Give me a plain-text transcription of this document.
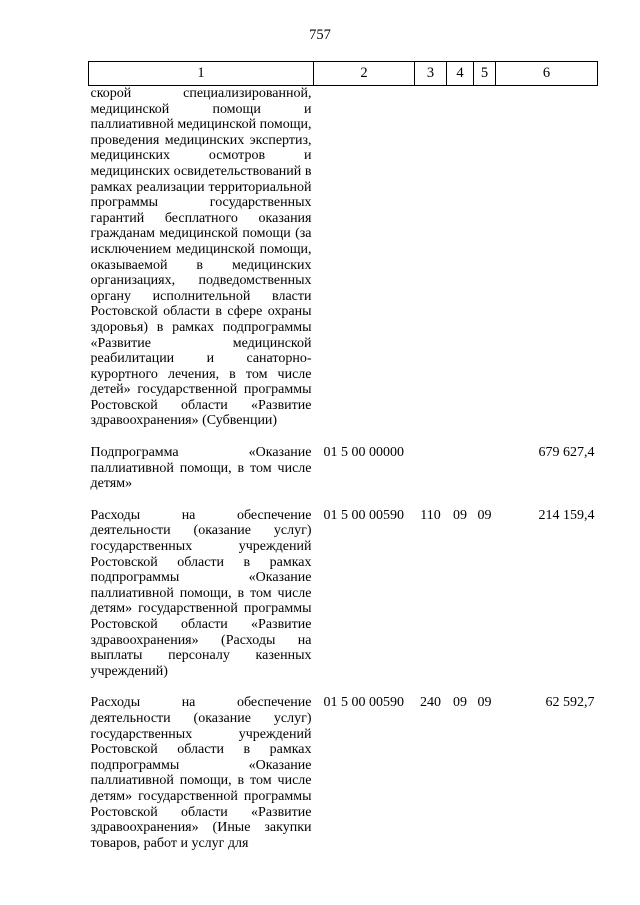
757
1	2	3	4	5	6
скорой специализированной, медицинской помощи и паллиативной медицинской помощи, проведения медицинских экспертиз, медицинских осмотров и медицинских освидетельствований в рамках реализации территориальной программы государственных гарантий бесплатного оказания гражданам медицинской помощи (за исключением медицинской помощи, оказываемой в медицинских организациях, подведомственных органу исполнительной власти Ростовской области в сфере охраны здоровья) в рамках подпрограммы «Развитие медицинской реабилитации и санаторно-курортного лечения, в том числе детей» государственной программы Ростовской области «Развитие здравоохранения» (Субвенции)					

Подпрограмма «Оказание паллиативной помощи, в том числе детям»	01 5 00 00000				679 627,4

Расходы на обеспечение деятельности (оказание услуг) государственных учреждений Ростовской области в рамках подпрограммы «Оказание паллиативной помощи, в том числе детям» государственной программы Ростовской области «Развитие здравоохранения» (Расходы на выплаты персоналу казенных учреждений)	01 5 00 00590	110	09	09	214 159,4

Расходы на обеспечение деятельности (оказание услуг) государственных учреждений Ростовской области в рамках подпрограммы «Оказание паллиативной помощи, в том числе детям» государственной программы Ростовской области «Развитие здравоохранения» (Иные закупки товаров, работ и услуг для	01 5 00 00590	240	09	09	62 592,7
